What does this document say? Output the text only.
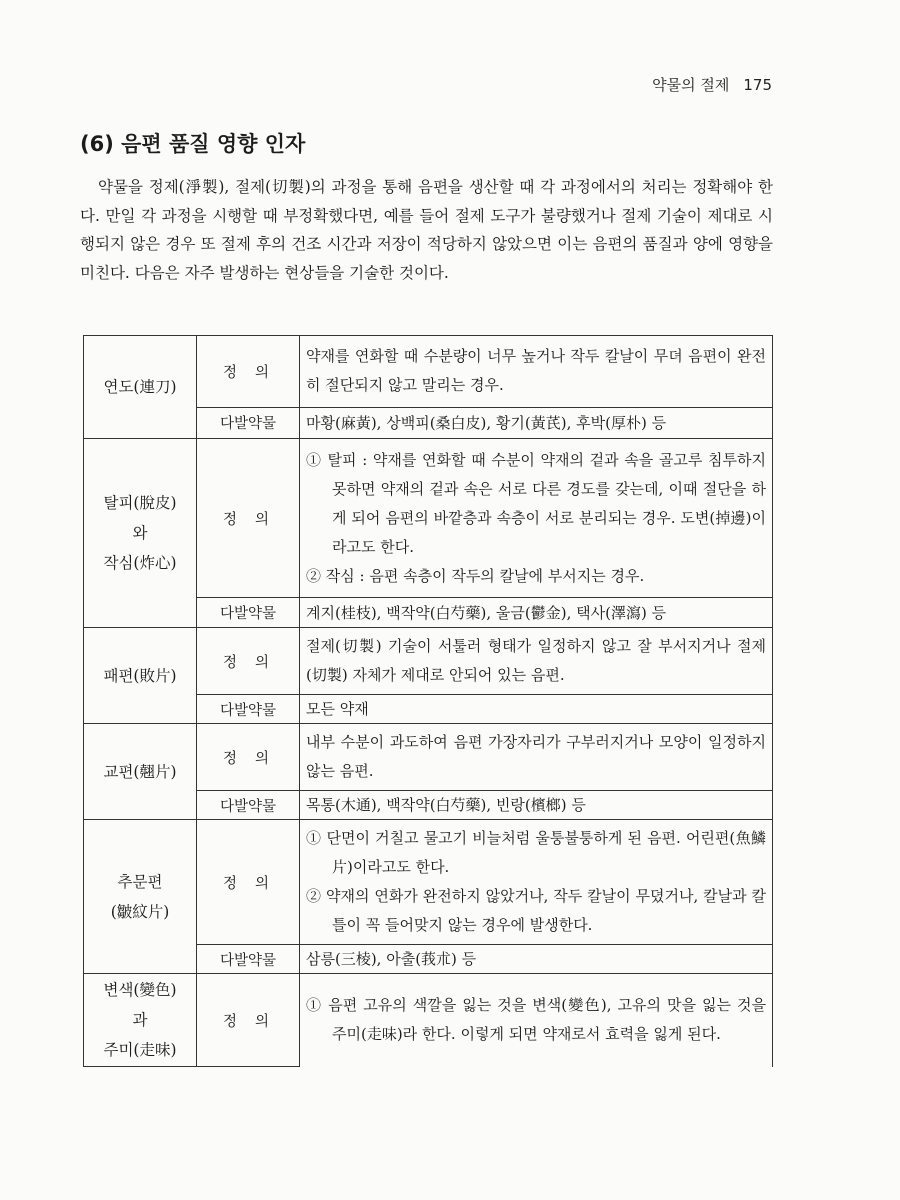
약물의 절제 175
(6) 음편 품질 영향 인자

약물을 정제(淨製), 절제(切製)의 과정을 통해 음편을 생산할 때 각 과정에서의 처리는 정확해야 한다. 만일 각 과정을 시행할 때 부정확했다면, 예를 들어 절제 도구가 불량했거나 절제 기술이 제대로 시행되지 않은 경우 또 절제 후의 건조 시간과 저장이 적당하지 않았으면 이는 음편의 품질과 양에 영향을 미친다. 다음은 자주 발생하는 현상들을 기술한 것이다.

연도(連刀)	정의	약재를 연화할 때 수분량이 너무 높거나 작두 칼날이 무뎌 음편이 완전히 절단되지 않고 말리는 경우.

	다발약물	마황(麻黃), 상백피(桑白皮), 황기(黃芪), 후박(厚朴) 등

탈피(脫皮)
와
작심(炸心)	정의	① 탈피 : 약재를 연화할 때 수분이 약재의 겉과 속을 골고루 침투하지 못하면 약재의 겉과 속은 서로 다른 경도를 갖는데, 이때 절단을 하게 되어 음편의 바깥층과 속층이 서로 분리되는 경우. 도변(掉邊)이라고도 한다.
② 작심 : 음편 속층이 작두의 칼날에 부서지는 경우.

	다발약물	계지(桂枝), 백작약(白芍藥), 울금(鬱金), 택사(澤瀉) 등

패편(敗片)	정의	절제(切製) 기술이 서툴러 형태가 일정하지 않고 잘 부서지거나 절제(切製) 자체가 제대로 안되어 있는 음편.

	다발약물	모든 약재

교편(翹片)	정의	내부 수분이 과도하여 음편 가장자리가 구부러지거나 모양이 일정하지 않는 음편.

	다발약물	목통(木通), 백작약(白芍藥), 빈랑(檳榔) 등

추문편
(皺紋片)	정의	① 단면이 거칠고 물고기 비늘처럼 울퉁불퉁하게 된 음편. 어린편(魚鱗片)이라고도 한다.
② 약재의 연화가 완전하지 않았거나, 작두 칼날이 무뎠거나, 칼날과 칼틀이 꼭 들어맞지 않는 경우에 발생한다.

	다발약물	삼릉(三棱), 아출(莪朮) 등

변색(變色)
과
주미(走味)	정의	① 음편 고유의 색깔을 잃는 것을 변색(變色), 고유의 맛을 잃는 것을 주미(走味)라 한다. 이렇게 되면 약재로서 효력을 잃게 된다.
